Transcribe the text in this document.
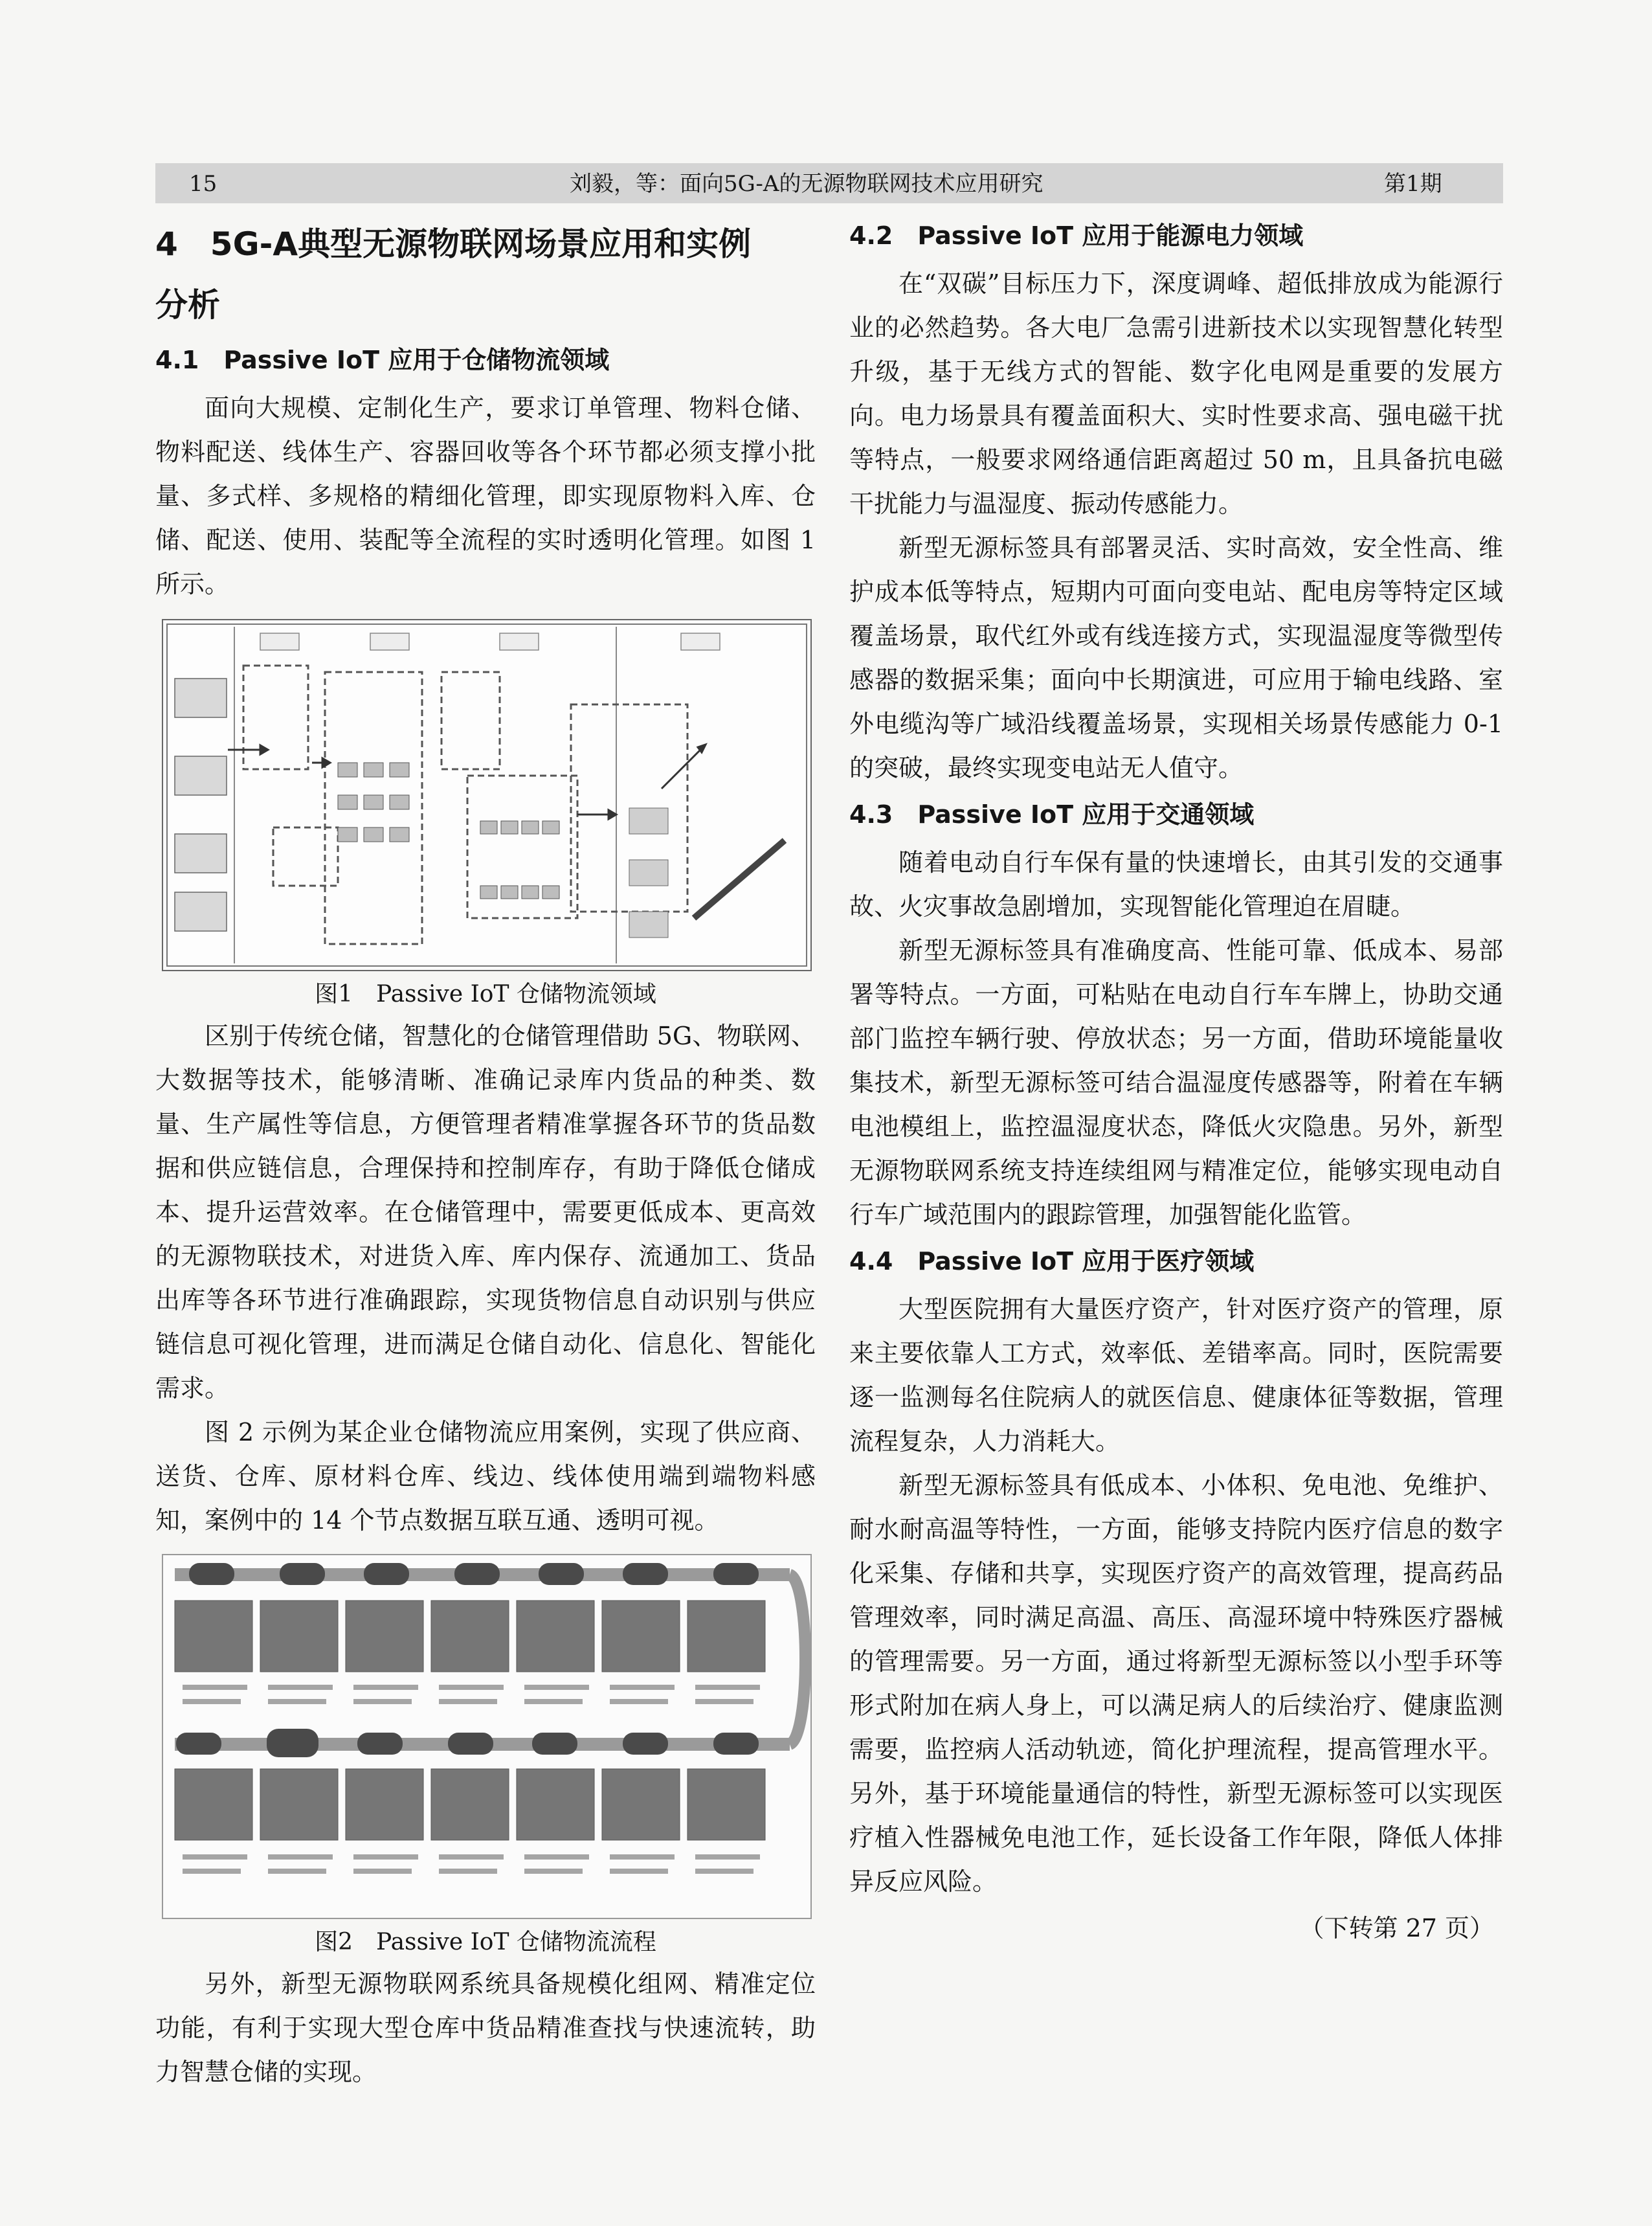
15	刘毅，等：面向5G-A的无源物联网技术应用研究	第1期
4　5G-A典型无源物联网场景应用和实例
分析
4.1　Passive IoT 应用于仓储物流领域

面向大规模、定制化生产，要求订单管理、物料仓储、物料配送、线体生产、容器回收等各个环节都必须支撑小批量、多式样、多规格的精细化管理，即实现原物料入库、仓储、配送、使用、装配等全流程的实时透明化管理。如图 1 所示。

图1　Passive IoT 仓储物流领域

区别于传统仓储，智慧化的仓储管理借助 5G、物联网、大数据等技术，能够清晰、准确记录库内货品的种类、数量、生产属性等信息，方便管理者精准掌握各环节的货品数据和供应链信息，合理保持和控制库存，有助于降低仓储成本、提升运营效率。在仓储管理中，需要更低成本、更高效的无源物联技术，对进货入库、库内保存、流通加工、货品出库等各环节进行准确跟踪，实现货物信息自动识别与供应链信息可视化管理，进而满足仓储自动化、信息化、智能化需求。

图 2 示例为某企业仓储物流应用案例，实现了供应商、送货、仓库、原材料仓库、线边、线体使用端到端物料感知，案例中的 14 个节点数据互联互通、透明可视。

图2　Passive IoT 仓储物流流程

另外，新型无源物联网系统具备规模化组网、精准定位功能，有利于实现大型仓库中货品精准查找与快速流转，助力智慧仓储的实现。

4.2　Passive IoT 应用于能源电力领域

在“双碳”目标压力下，深度调峰、超低排放成为能源行业的必然趋势。各大电厂急需引进新技术以实现智慧化转型升级，基于无线方式的智能、数字化电网是重要的发展方向。电力场景具有覆盖面积大、实时性要求高、强电磁干扰等特点，一般要求网络通信距离超过 50 m，且具备抗电磁干扰能力与温湿度、振动传感能力。

新型无源标签具有部署灵活、实时高效，安全性高、维护成本低等特点，短期内可面向变电站、配电房等特定区域覆盖场景，取代红外或有线连接方式，实现温湿度等微型传感器的数据采集；面向中长期演进，可应用于输电线路、室外电缆沟等广域沿线覆盖场景，实现相关场景传感能力 0-1 的突破，最终实现变电站无人值守。

4.3　Passive IoT 应用于交通领域

随着电动自行车保有量的快速增长，由其引发的交通事故、火灾事故急剧增加，实现智能化管理迫在眉睫。

新型无源标签具有准确度高、性能可靠、低成本、易部署等特点。一方面，可粘贴在电动自行车车牌上，协助交通部门监控车辆行驶、停放状态；另一方面，借助环境能量收集技术，新型无源标签可结合温湿度传感器等，附着在车辆电池模组上，监控温湿度状态，降低火灾隐患。另外，新型无源物联网系统支持连续组网与精准定位，能够实现电动自行车广域范围内的跟踪管理，加强智能化监管。

4.4　Passive IoT 应用于医疗领域

大型医院拥有大量医疗资产，针对医疗资产的管理，原来主要依靠人工方式，效率低、差错率高。同时，医院需要逐一监测每名住院病人的就医信息、健康体征等数据，管理流程复杂，人力消耗大。

新型无源标签具有低成本、小体积、免电池、免维护、耐水耐高温等特性，一方面，能够支持院内医疗信息的数字化采集、存储和共享，实现医疗资产的高效管理，提高药品管理效率，同时满足高温、高压、高湿环境中特殊医疗器械的管理需要。另一方面，通过将新型无源标签以小型手环等形式附加在病人身上，可以满足病人的后续治疗、健康监测需要，监控病人活动轨迹，简化护理流程，提高管理水平。另外，基于环境能量通信的特性，新型无源标签可以实现医疗植入性器械免电池工作，延长设备工作年限，降低人体排异反应风险。

（下转第 27 页）
